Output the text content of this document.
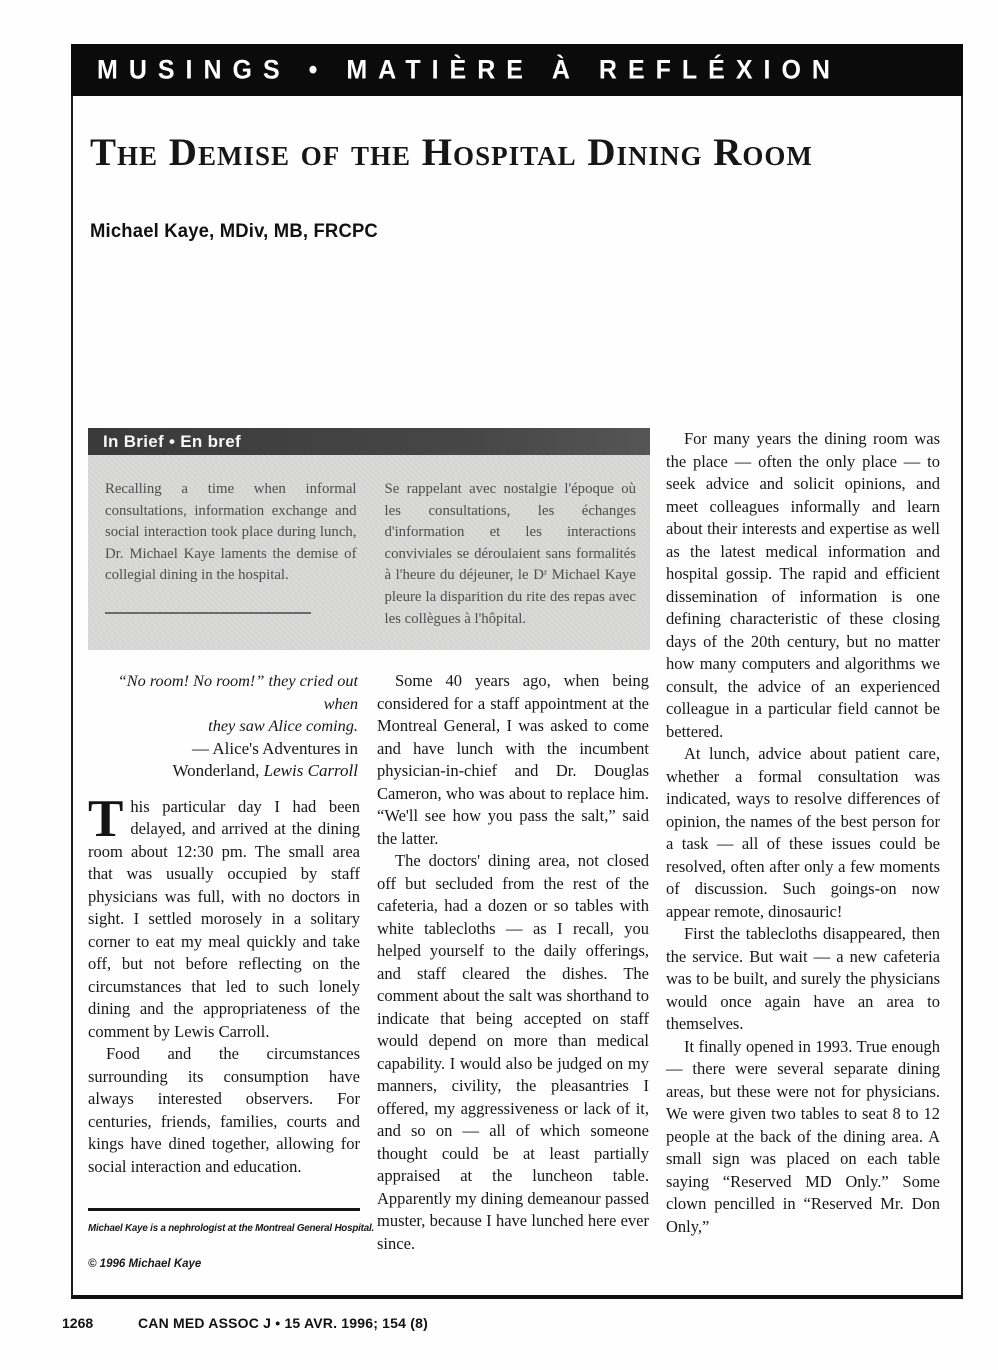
MUSINGS • MATIÈRE À REFLÉXION
The Demise of the Hospital Dining Room
Michael Kaye, MDiv, MB, FRCPC
In Brief • En bref

Recalling a time when informal consultations, information exchange and social interaction took place during lunch, Dr. Michael Kaye laments the demise of collegial dining in the hospital.

Se rappelant avec nostalgie l'époque où les consultations, les échanges d'information et les interactions conviviales se déroulaient sans formalités à l'heure du déjeuner, le Dʳ Michael Kaye pleure la disparition du rite des repas avec les collègues à l'hôpital.

“No room! No room!” they cried out when
they saw Alice coming.
— Alice's Adventures in
Wonderland, Lewis Carroll

This particular day I had been delayed, and arrived at the dining room about 12:30 pm. The small area that was usually occupied by staff physicians was full, with no doctors in sight. I settled morosely in a solitary corner to eat my meal quickly and take off, but not before reflecting on the circumstances that led to such lonely dining and the appropriateness of the comment by Lewis Carroll.

Food and the circumstances surrounding its consumption have always interested observers. For centuries, friends, families, courts and kings have dined together, allowing for social interaction and education.

Some 40 years ago, when being considered for a staff appointment at the Montreal General, I was asked to come and have lunch with the incumbent physician-in-chief and Dr. Douglas Cameron, who was about to replace him. “We'll see how you pass the salt,” said the latter.

The doctors' dining area, not closed off but secluded from the rest of the cafeteria, had a dozen or so tables with white tablecloths — as I recall, you helped yourself to the daily offerings, and staff cleared the dishes. The comment about the salt was shorthand to indicate that being accepted on staff would depend on more than medical capability. I would also be judged on my manners, civility, the pleasantries I offered, my aggressiveness or lack of it, and so on — all of which someone thought could be at least partially appraised at the luncheon table. Apparently my dining demeanour passed muster, because I have lunched here ever since.

For many years the dining room was the place — often the only place — to seek advice and solicit opinions, and meet colleagues informally and learn about their interests and expertise as well as the latest medical information and hospital gossip. The rapid and efficient dissemination of information is one defining characteristic of these closing days of the 20th century, but no matter how many computers and algorithms we consult, the advice of an experienced colleague in a particular field cannot be bettered.

At lunch, advice about patient care, whether a formal consultation was indicated, ways to resolve differences of opinion, the names of the best person for a task — all of these issues could be resolved, often after only a few moments of discussion. Such goings-on now appear remote, dinosauric!

First the tablecloths disappeared, then the service. But wait — a new cafeteria was to be built, and surely the physicians would once again have an area to themselves.

It finally opened in 1993. True enough — there were several separate dining areas, but these were not for physicians. We were given two tables to seat 8 to 12 people at the back of the dining area. A small sign was placed on each table saying “Reserved MD Only.” Some clown pencilled in “Reserved Mr. Don Only,”

Michael Kaye is a nephrologist at the Montreal General Hospital.

© 1996 Michael Kaye

1268	CAN MED ASSOC J • 15 AVR. 1996; 154 (8)
